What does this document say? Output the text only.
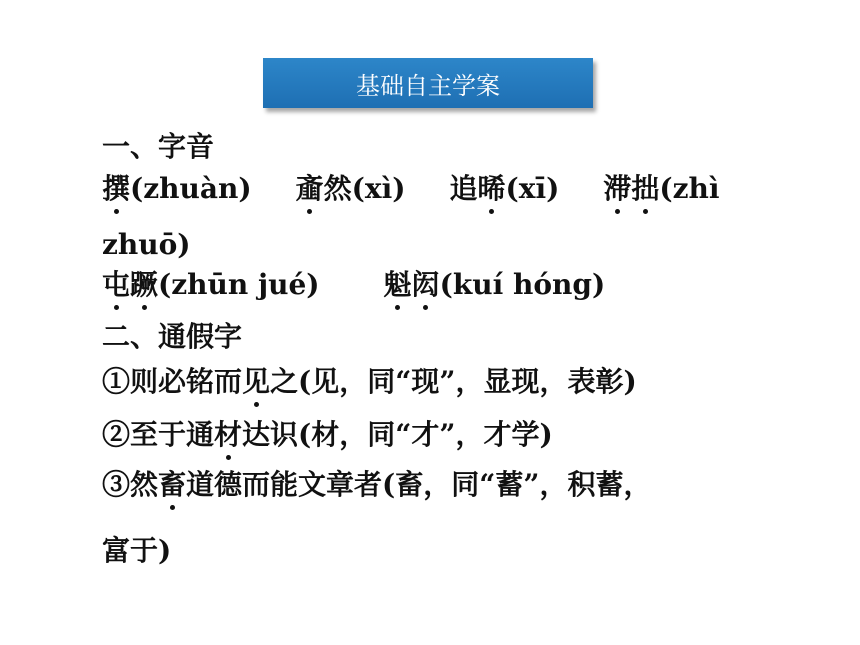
基础自主学案
一、字音
撰(zhuàn) 齑然(xì) 追晞(xī) 滞拙(zhì
zhuō)
屯蹶(zhūn jué) 魁闳(kuí hóng)
二、通假字
①则必铭而见之(见，同“现”，显现，表彰)
②至于通材达识(材，同“才”，才学)
③然畜道德而能文章者(畜，同“蓄”，积蓄，
富于)
